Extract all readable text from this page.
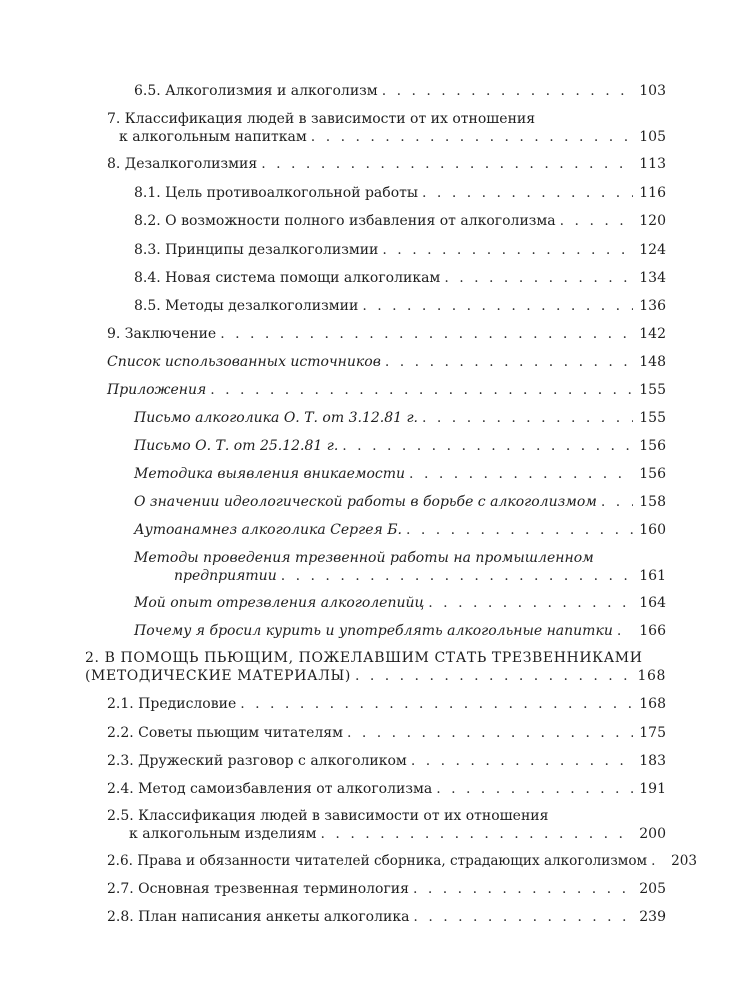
6.5. Алкоголизмия и алкоголизм . . .	103
7. Классификация людей в зависимости от их отношения
к алкогольным напиткам . . .	105
8. Дезалкоголизмия . . .	113
8.1. Цель противоалкогольной работы . . .	116
8.2. О возможности полного избавления от алкоголизма . . .	120
8.3. Принципы дезалкоголизмии . . .	124
8.4. Новая система помощи алкоголикам . . .	134
8.5. Методы дезалкоголизмии . . .	136
9. Заключение . . .	142
Список использованных источников . . .	148
Приложения . . .	155
Письмо алкоголика О. Т. от 3.12.81 г. . . .	155
Письмо О. Т. от 25.12.81 г. . . .	156
Методика выявления вникаемости . . .	156
О значении идеологической работы в борьбе с алкоголизмом . . .	158
Аутоанамнез алкоголика Сергея Б. . . .	160
Методы проведения трезвенной работы на промышленном
предприятии . . .	161
Мой опыт отрезвления алкоголепийц . . .	164
Почему я бросил курить и употреблять алкогольные напитки . . . 166
2. В ПОМОЩЬ ПЬЮЩИМ, ПОЖЕЛАВШИМ СТАТЬ ТРЕЗВЕННИКАМИ
(МЕТОДИЧЕСКИЕ МАТЕРИАЛЫ) . . .	168
2.1. Предисловие . . .	168
2.2. Советы пьющим читателям . . .	175
2.3. Дружеский разговор с алкоголиком . . .	183
2.4. Метод самоизбавления от алкоголизма . . .	191
2.5. Классификация людей в зависимости от их отношения
к алкогольным изделиям . . .	200
2.6. Права и обязанности читателей сборника, страдающих алкоголизмом . . . 203
2.7. Основная трезвенная терминология . . .	205
2.8. План написания анкеты алкоголика . . .	239
